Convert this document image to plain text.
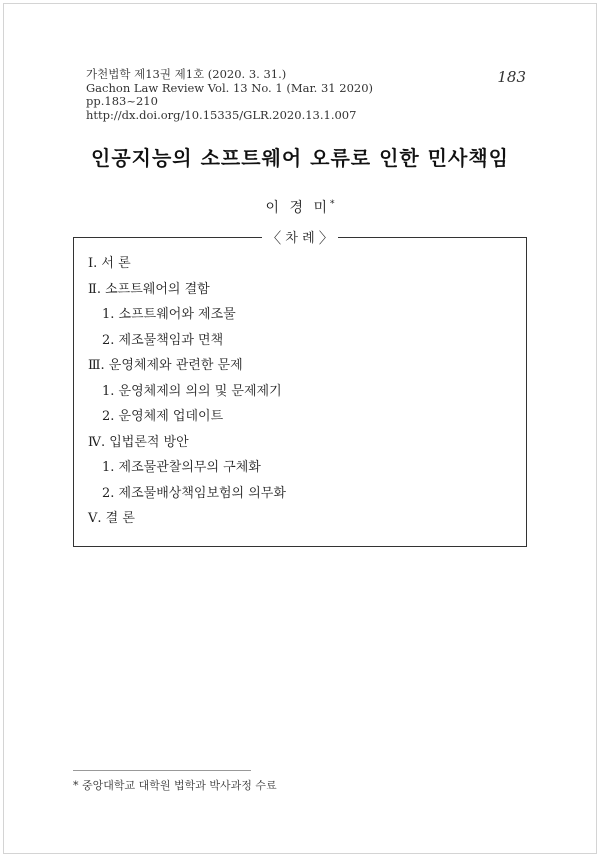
가천법학 제13권 제1호 (2020. 3. 31.)
Gachon Law Review Vol. 13 No. 1 (Mar. 31 2020)
pp.183~210
http://dx.doi.org/10.15335/GLR.2020.13.1.007
183
인공지능의 소프트웨어 오류로 인한 민사책임
이 경 미*
〈 차 례 〉
Ⅰ. 서 론
Ⅱ. 소프트웨어의 결함
1. 소프트웨어와 제조물
2. 제조물책임과 면책
Ⅲ. 운영체제와 관련한 문제
1. 운영체제의 의의 및 문제제기
2. 운영체제 업데이트
Ⅳ. 입법론적 방안
1. 제조물관찰의무의 구체화
2. 제조물배상책임보험의 의무화
Ⅴ. 결 론
* 중앙대학교 대학원 법학과 박사과정 수료
